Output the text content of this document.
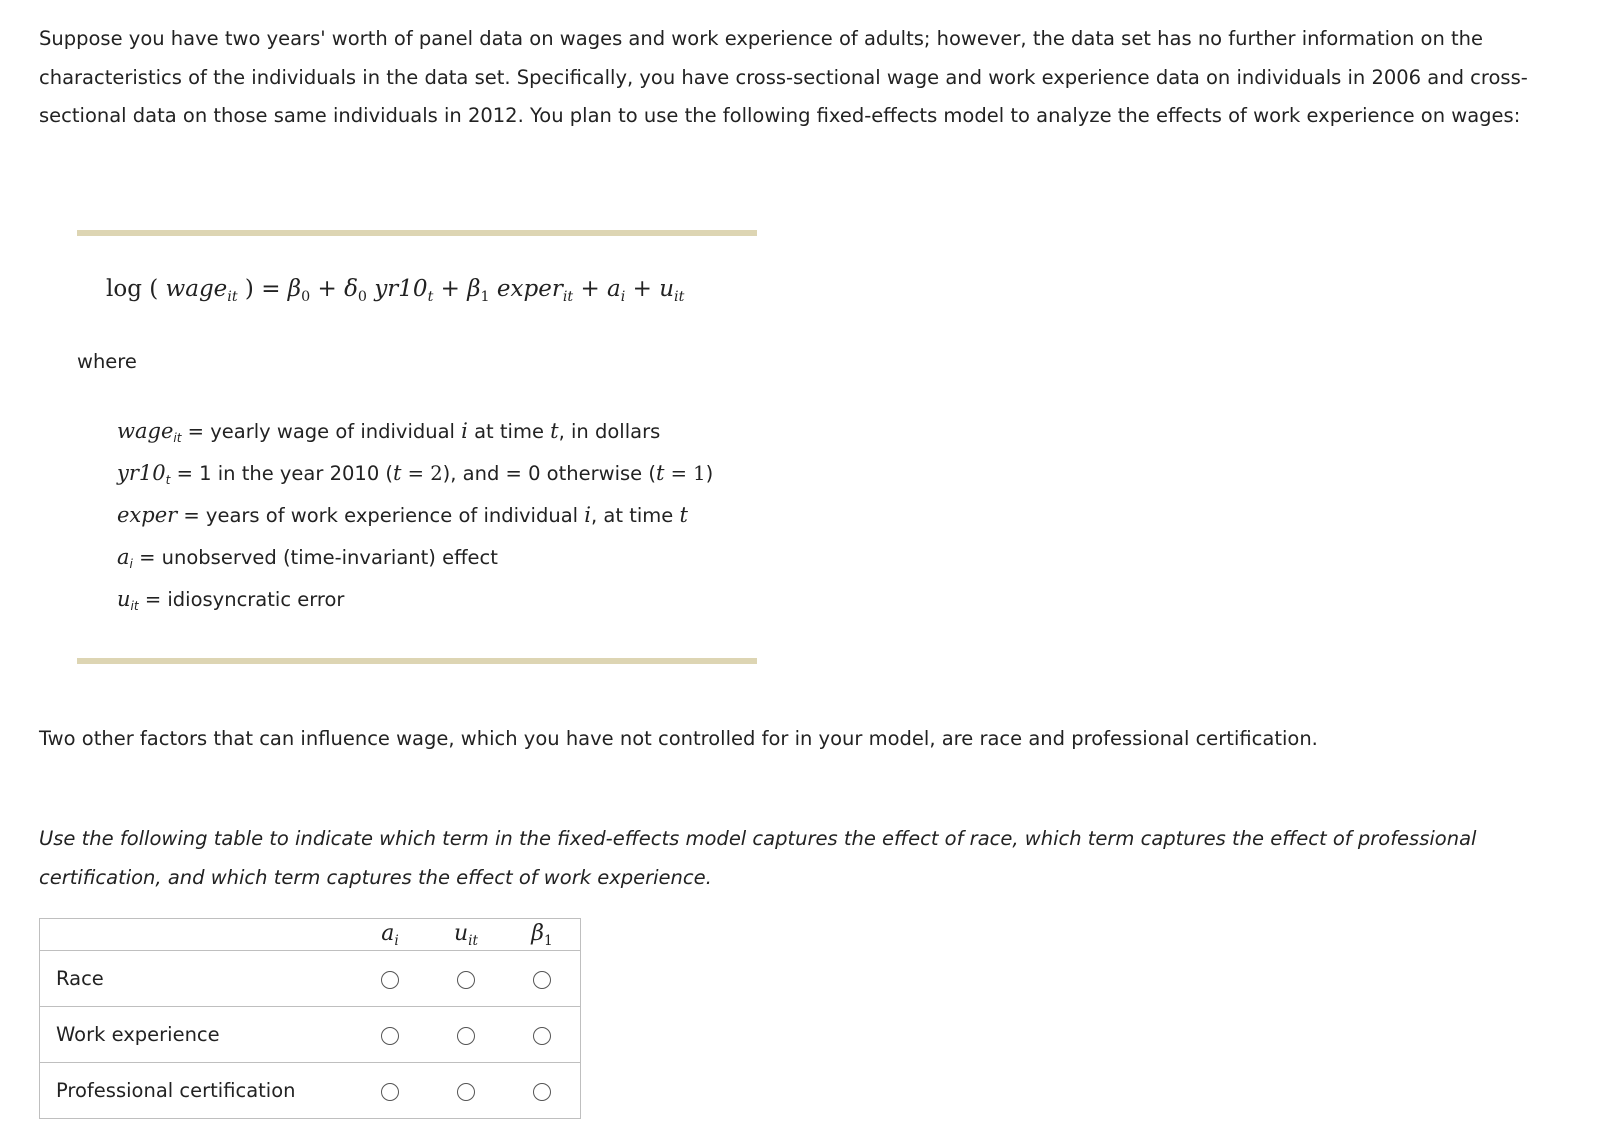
Suppose you have two years' worth of panel data on wages and work experience of adults; however, the data set has no further information on the characteristics of the individuals in the data set. Specifically, you have cross-sectional wage and work experience data on individuals in 2006 and cross-sectional data on those same individuals in 2012. You plan to use the following fixed-effects model to analyze the effects of work experience on wages:

log ( wage$_{it}$ ) = $\beta_0 + \delta_0$ $yr10_t + \beta_1$ exper$_{it}$ + $a_i + u_{it}$
where
wage$_{it}$ = yearly wage of individual i at time t, in dollars
$yr10_t = 1$ in the year 2010 (t = 2), and = 0 otherwise (t = 1)
exper = years of work experience of individual i, at time t
$a_i$ = unobserved (time-invariant) effect
$u_{it}$ = idiosyncratic error

Two other factors that can influence wage, which you have not controlled for in your model, are race and professional certification.

Use the following table to indicate which term in the fixed-effects model captures the effect of race, which term captures the effect of professional certification, and which term captures the effect of work experience.

	$a_i$	$u_{it}$	$\beta_1$
Race			
Work experience			
Professional certification			
